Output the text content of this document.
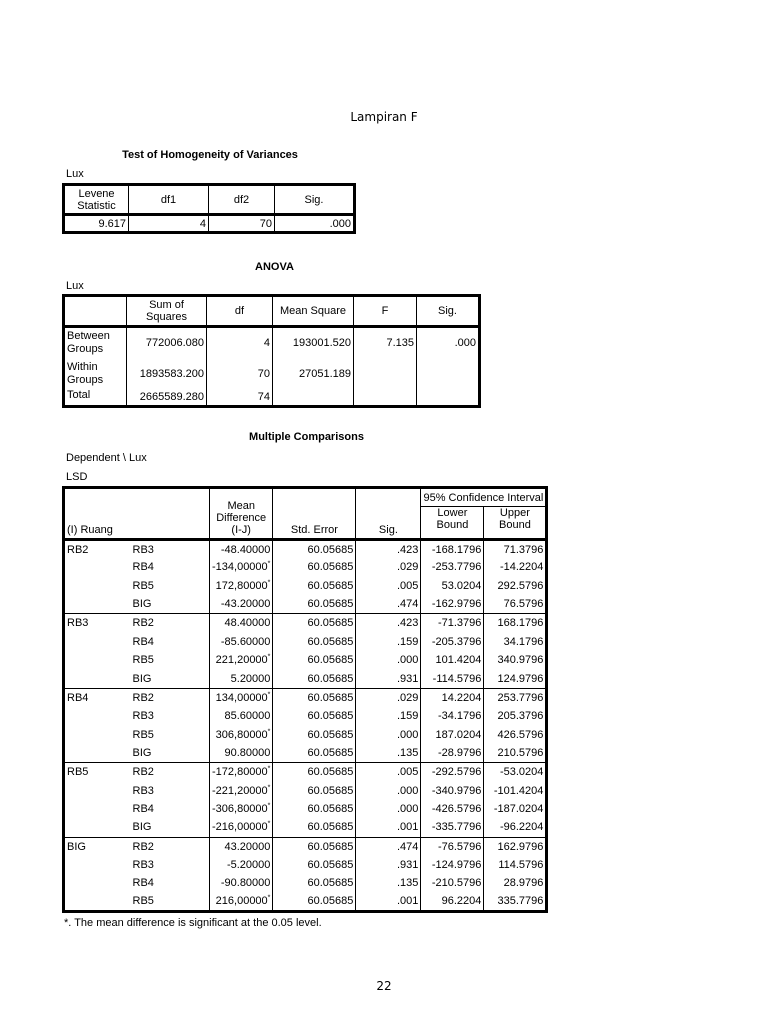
Lampiran F
Test of Homogeneity of Variances
Lux
Levene Statistic	df1	df2	Sig.
9.617	4	70	.000
ANOVA
Lux
	Sum of Squares	df	Mean Square	F	Sig.
Between Groups	772006.080	4	193001.520	7.135	.000
Within Groups	1893583.200	70	27051.189		
Total	2665589.280	74			
Multiple Comparisons
Dependent \ Lux
LSD
(I) Ruang		Mean Difference (I-J)	Std. Error	Sig.	95% Confidence Interval	
					Lower Bound	Upper Bound
RB2	RB3	-48.40000	60.05685	.423	-168.1796	71.3796
	RB4	-134,00000*	60.05685	.029	-253.7796	-14.2204
	RB5	172,80000*	60.05685	.005	53.0204	292.5796
	BIG	-43.20000	60.05685	.474	-162.9796	76.5796
RB3	RB2	48.40000	60.05685	.423	-71.3796	168.1796
	RB4	-85.60000	60.05685	.159	-205.3796	34.1796
	RB5	221,20000*	60.05685	.000	101.4204	340.9796
	BIG	5.20000	60.05685	.931	-114.5796	124.9796
RB4	RB2	134,00000*	60.05685	.029	14.2204	253.7796
	RB3	85.60000	60.05685	.159	-34.1796	205.3796
	RB5	306,80000*	60.05685	.000	187.0204	426.5796
	BIG	90.80000	60.05685	.135	-28.9796	210.5796
RB5	RB2	-172,80000*	60.05685	.005	-292.5796	-53.0204
	RB3	-221,20000*	60.05685	.000	-340.9796	-101.4204
	RB4	-306,80000*	60.05685	.000	-426.5796	-187.0204
	BIG	-216,00000*	60.05685	.001	-335.7796	-96.2204
BIG	RB2	43.20000	60.05685	.474	-76.5796	162.9796
	RB3	-5.20000	60.05685	.931	-124.9796	114.5796
	RB4	-90.80000	60.05685	.135	-210.5796	28.9796
	RB5	216,00000*	60.05685	.001	96.2204	335.7796
*. The mean difference is significant at the 0.05 level.
22
